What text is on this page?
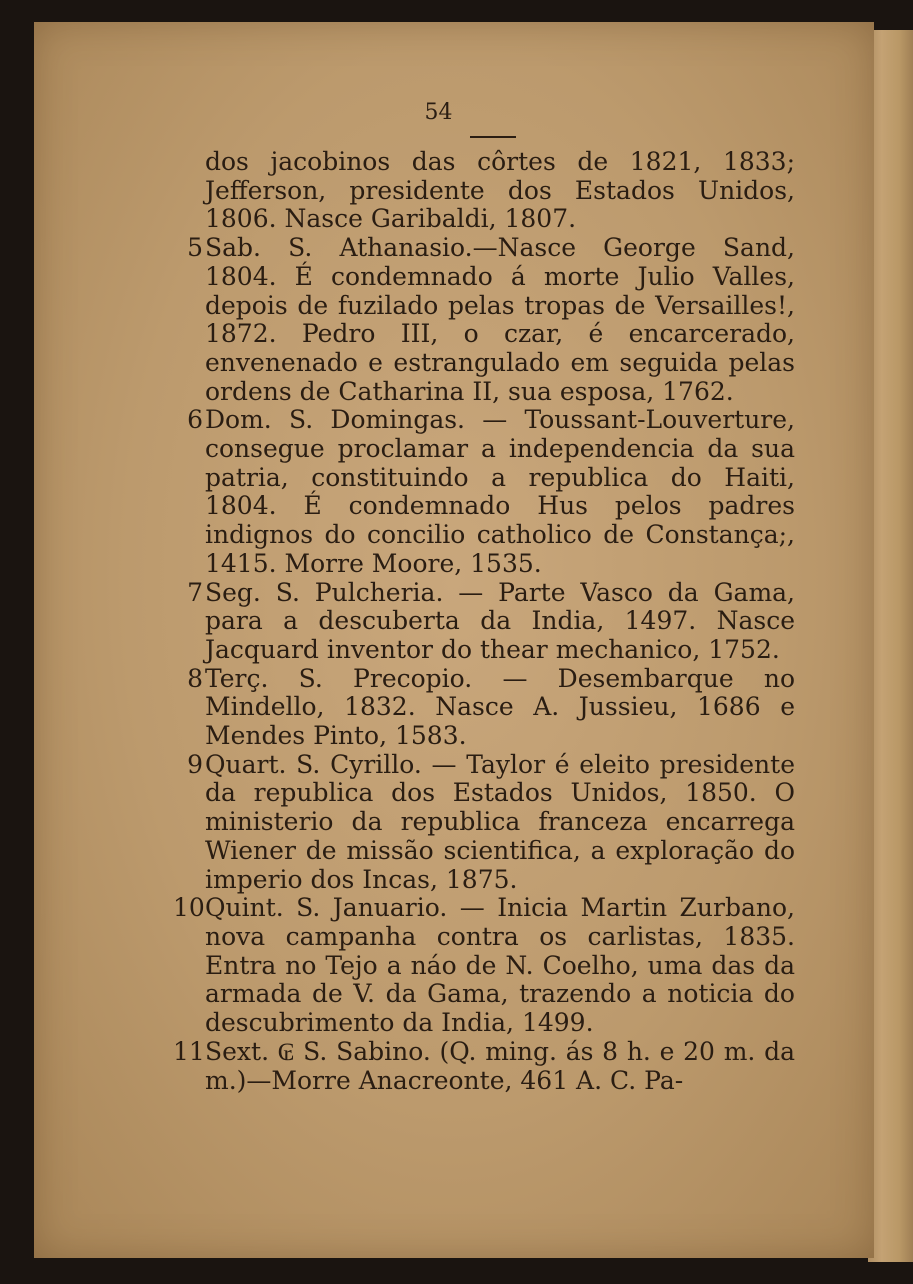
54

dos jacobinos das côrtes de 1821, 1833; Jefferson, presidente dos Estados Unidos, 1806. Nasce Garibaldi, 1807.

5 Sab. S. Athanasio.—Nasce George Sand, 1804. É condemnado á morte Julio Valles, depois de fuzilado pelas tropas de Versailles!, 1872. Pedro III, o czar, é encarcerado, envenenado e estrangulado em seguida pelas ordens de Catharina II, sua esposa, 1762.

6 Dom. S. Domingas. — Toussant-Louverture, consegue proclamar a independencia da sua patria, constituindo a republica do Haiti, 1804. É condemnado Hus pelos padres indignos do concilio catholico de Constança;, 1415. Morre Moore, 1535.

7 Seg. S. Pulcheria. — Parte Vasco da Gama, para a descuberta da India, 1497. Nasce Jacquard inventor do thear mechanico, 1752.

8 Terç. S. Precopio. — Desembarque no Mindello, 1832. Nasce A. Jussieu, 1686 e Mendes Pinto, 1583.

9 Quart. S. Cyrillo. — Taylor é eleito presidente da republica dos Estados Unidos, 1850. O ministerio da republica franceza encarrega Wiener de missão scientifica, a exploração do imperio dos Incas, 1875.

10 Quint. S. Januario. — Inicia Martin Zurbano, nova campanha contra os carlistas, 1835. Entra no Tejo a náo de N. Coelho, uma das da armada de V. da Gama, trazendo a noticia do descubrimento da India, 1499.

11 Sext. ₢ S. Sabino. (Q. ming. ás 8 h. e 20 m. da m.)—Morre Anacreonte, 461 A. C. Pa-
